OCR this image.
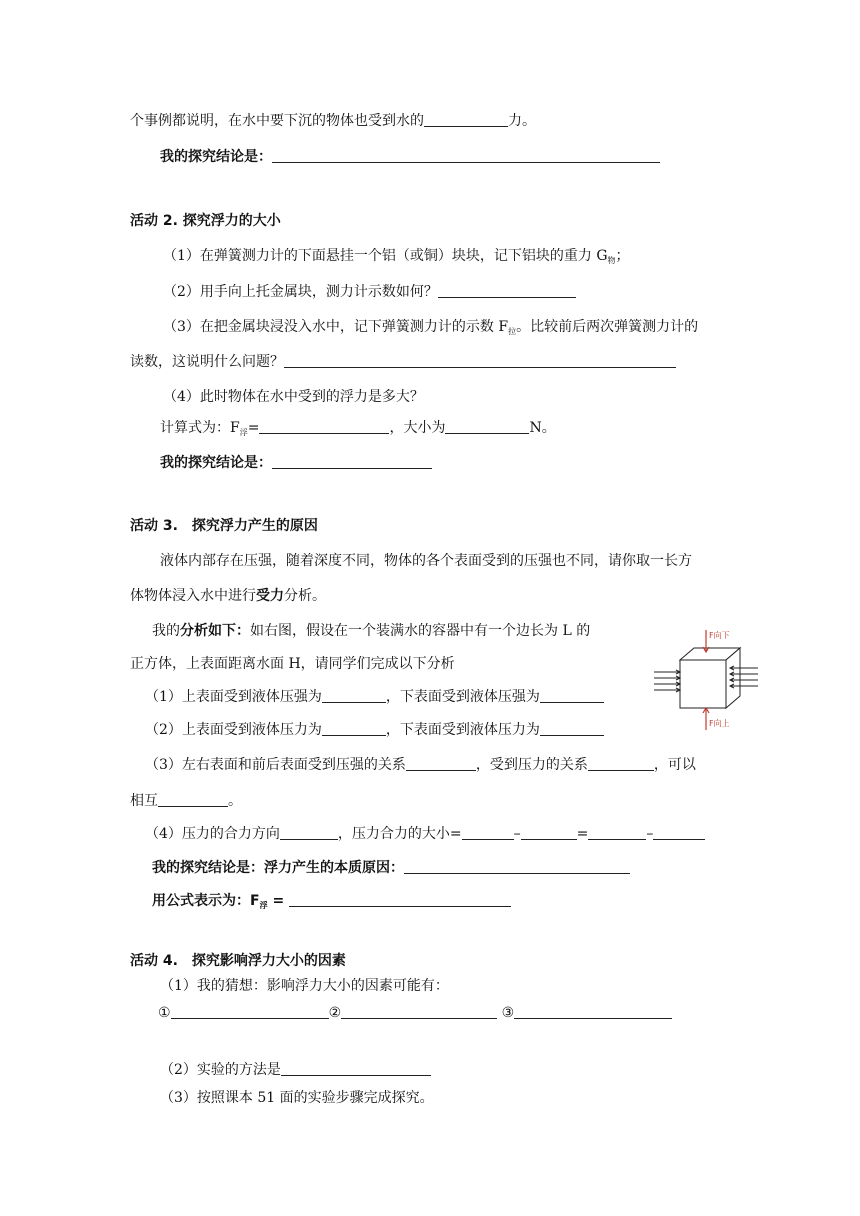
个事例都说明，在水中要下沉的物体也受到水的	力。
我的探究结论是：
活动 2. 探究浮力的大小
（1）在弹簧测力计的下面悬挂一个铝（或铜）块块，记下铝块的重力 $G_物$；
（2）用手向上托金属块，测力计示数如何？
（3）在把金属块浸没入水中，记下弹簧测力计的示数 $F_拉$。比较前后两次弹簧测力计的
读数，这说明什么问题？
（4）此时物体在水中受到的浮力是多大？
计算式为：$F_浮=$	，大小为	N。
我的探究结论是：
活动 3.　探究浮力产生的原因
液体内部存在压强，随着深度不同，物体的各个表面受到的压强也不同，请你取一长方
体物体浸入水中进行受力分析。
我的分析如下：如右图，假设在一个装满水的容器中有一个边长为 L 的
正方体，上表面距离水面 H，请同学们完成以下分析
（1）上表面受到液体压强为	，下表面受到液体压强为
（2）上表面受到液体压力为	，下表面受到液体压力为
（3）左右表面和前后表面受到压强的关系	，受到压力的关系	，可以
相互	。
（4）压力的合力方向	，压力合力的大小=	–	=	–
我的探究结论是：浮力产生的本质原因：
用公式表示为：$F_浮$ =
F向下
F向上
活动 4.　探究影响浮力大小的因素
（1）我的猜想：影响浮力大小的因素可能有：
①	②	③
（2）实验的方法是
（3）按照课本 51 面的实验步骤完成探究。
